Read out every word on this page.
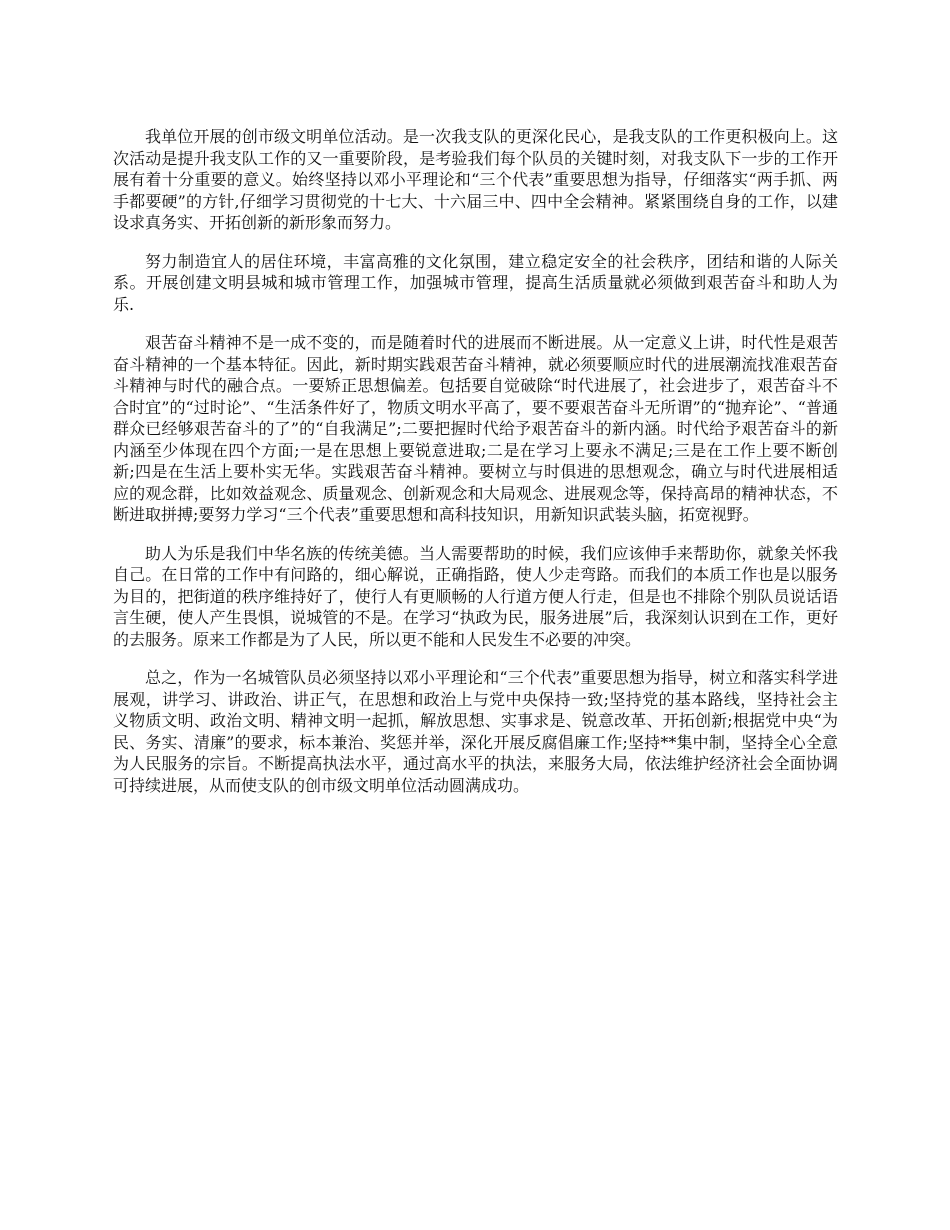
我单位开展的创市级文明单位活动。是一次我支队的更深化民心，是我支队的工作更积极向上。这次活动是提升我支队工作的又一重要阶段，是考验我们每个队员的关键时刻，对我支队下一步的工作开展有着十分重要的意义。始终坚持以邓小平理论和“三个代表”重要思想为指导，仔细落实“两手抓、两手都要硬”的方针,仔细学习贯彻党的十七大、十六届三中、四中全会精神。紧紧围绕自身的工作，以建设求真务实、开拓创新的新形象而努力。

努力制造宜人的居住环境，丰富高雅的文化氛围，建立稳定安全的社会秩序，团结和谐的人际关系。开展创建文明县城和城市管理工作，加强城市管理，提高生活质量就必须做到艰苦奋斗和助人为乐.

艰苦奋斗精神不是一成不变的，而是随着时代的进展而不断进展。从一定意义上讲，时代性是艰苦奋斗精神的一个基本特征。因此，新时期实践艰苦奋斗精神，就必须要顺应时代的进展潮流找准艰苦奋斗精神与时代的融合点。一要矫正思想偏差。包括要自觉破除“时代进展了，社会进步了，艰苦奋斗不合时宜”的“过时论”、“生活条件好了，物质文明水平高了，要不要艰苦奋斗无所谓”的“抛弃论”、“普通群众已经够艰苦奋斗的了”的“自我满足”;二要把握时代给予艰苦奋斗的新内涵。时代给予艰苦奋斗的新内涵至少体现在四个方面;一是在思想上要锐意进取;二是在学习上要永不满足;三是在工作上要不断创新;四是在生活上要朴实无华。实践艰苦奋斗精神。要树立与时俱进的思想观念，确立与时代进展相适应的观念群，比如效益观念、质量观念、创新观念和大局观念、进展观念等，保持高昂的精神状态，不断进取拼搏;要努力学习“三个代表”重要思想和高科技知识，用新知识武装头脑，拓宽视野。

助人为乐是我们中华名族的传统美德。当人需要帮助的时候，我们应该伸手来帮助你，就象关怀我自己。在日常的工作中有问路的，细心解说，正确指路，使人少走弯路。而我们的本质工作也是以服务为目的，把街道的秩序维持好了，使行人有更顺畅的人行道方便人行走，但是也不排除个别队员说话语言生硬，使人产生畏惧，说城管的不是。在学习“执政为民，服务进展”后，我深刻认识到在工作，更好的去服务。原来工作都是为了人民，所以更不能和人民发生不必要的冲突。

总之，作为一名城管队员必须坚持以邓小平理论和“三个代表”重要思想为指导，树立和落实科学进展观，讲学习、讲政治、讲正气，在思想和政治上与党中央保持一致;坚持党的基本路线，坚持社会主义物质文明、政治文明、精神文明一起抓，解放思想、实事求是、锐意改革、开拓创新;根据党中央“为民、务实、清廉”的要求，标本兼治、奖惩并举，深化开展反腐倡廉工作;坚持**集中制，坚持全心全意为人民服务的宗旨。不断提高执法水平，通过高水平的执法，来服务大局，依法维护经济社会全面协调可持续进展，从而使支队的创市级文明单位活动圆满成功。
